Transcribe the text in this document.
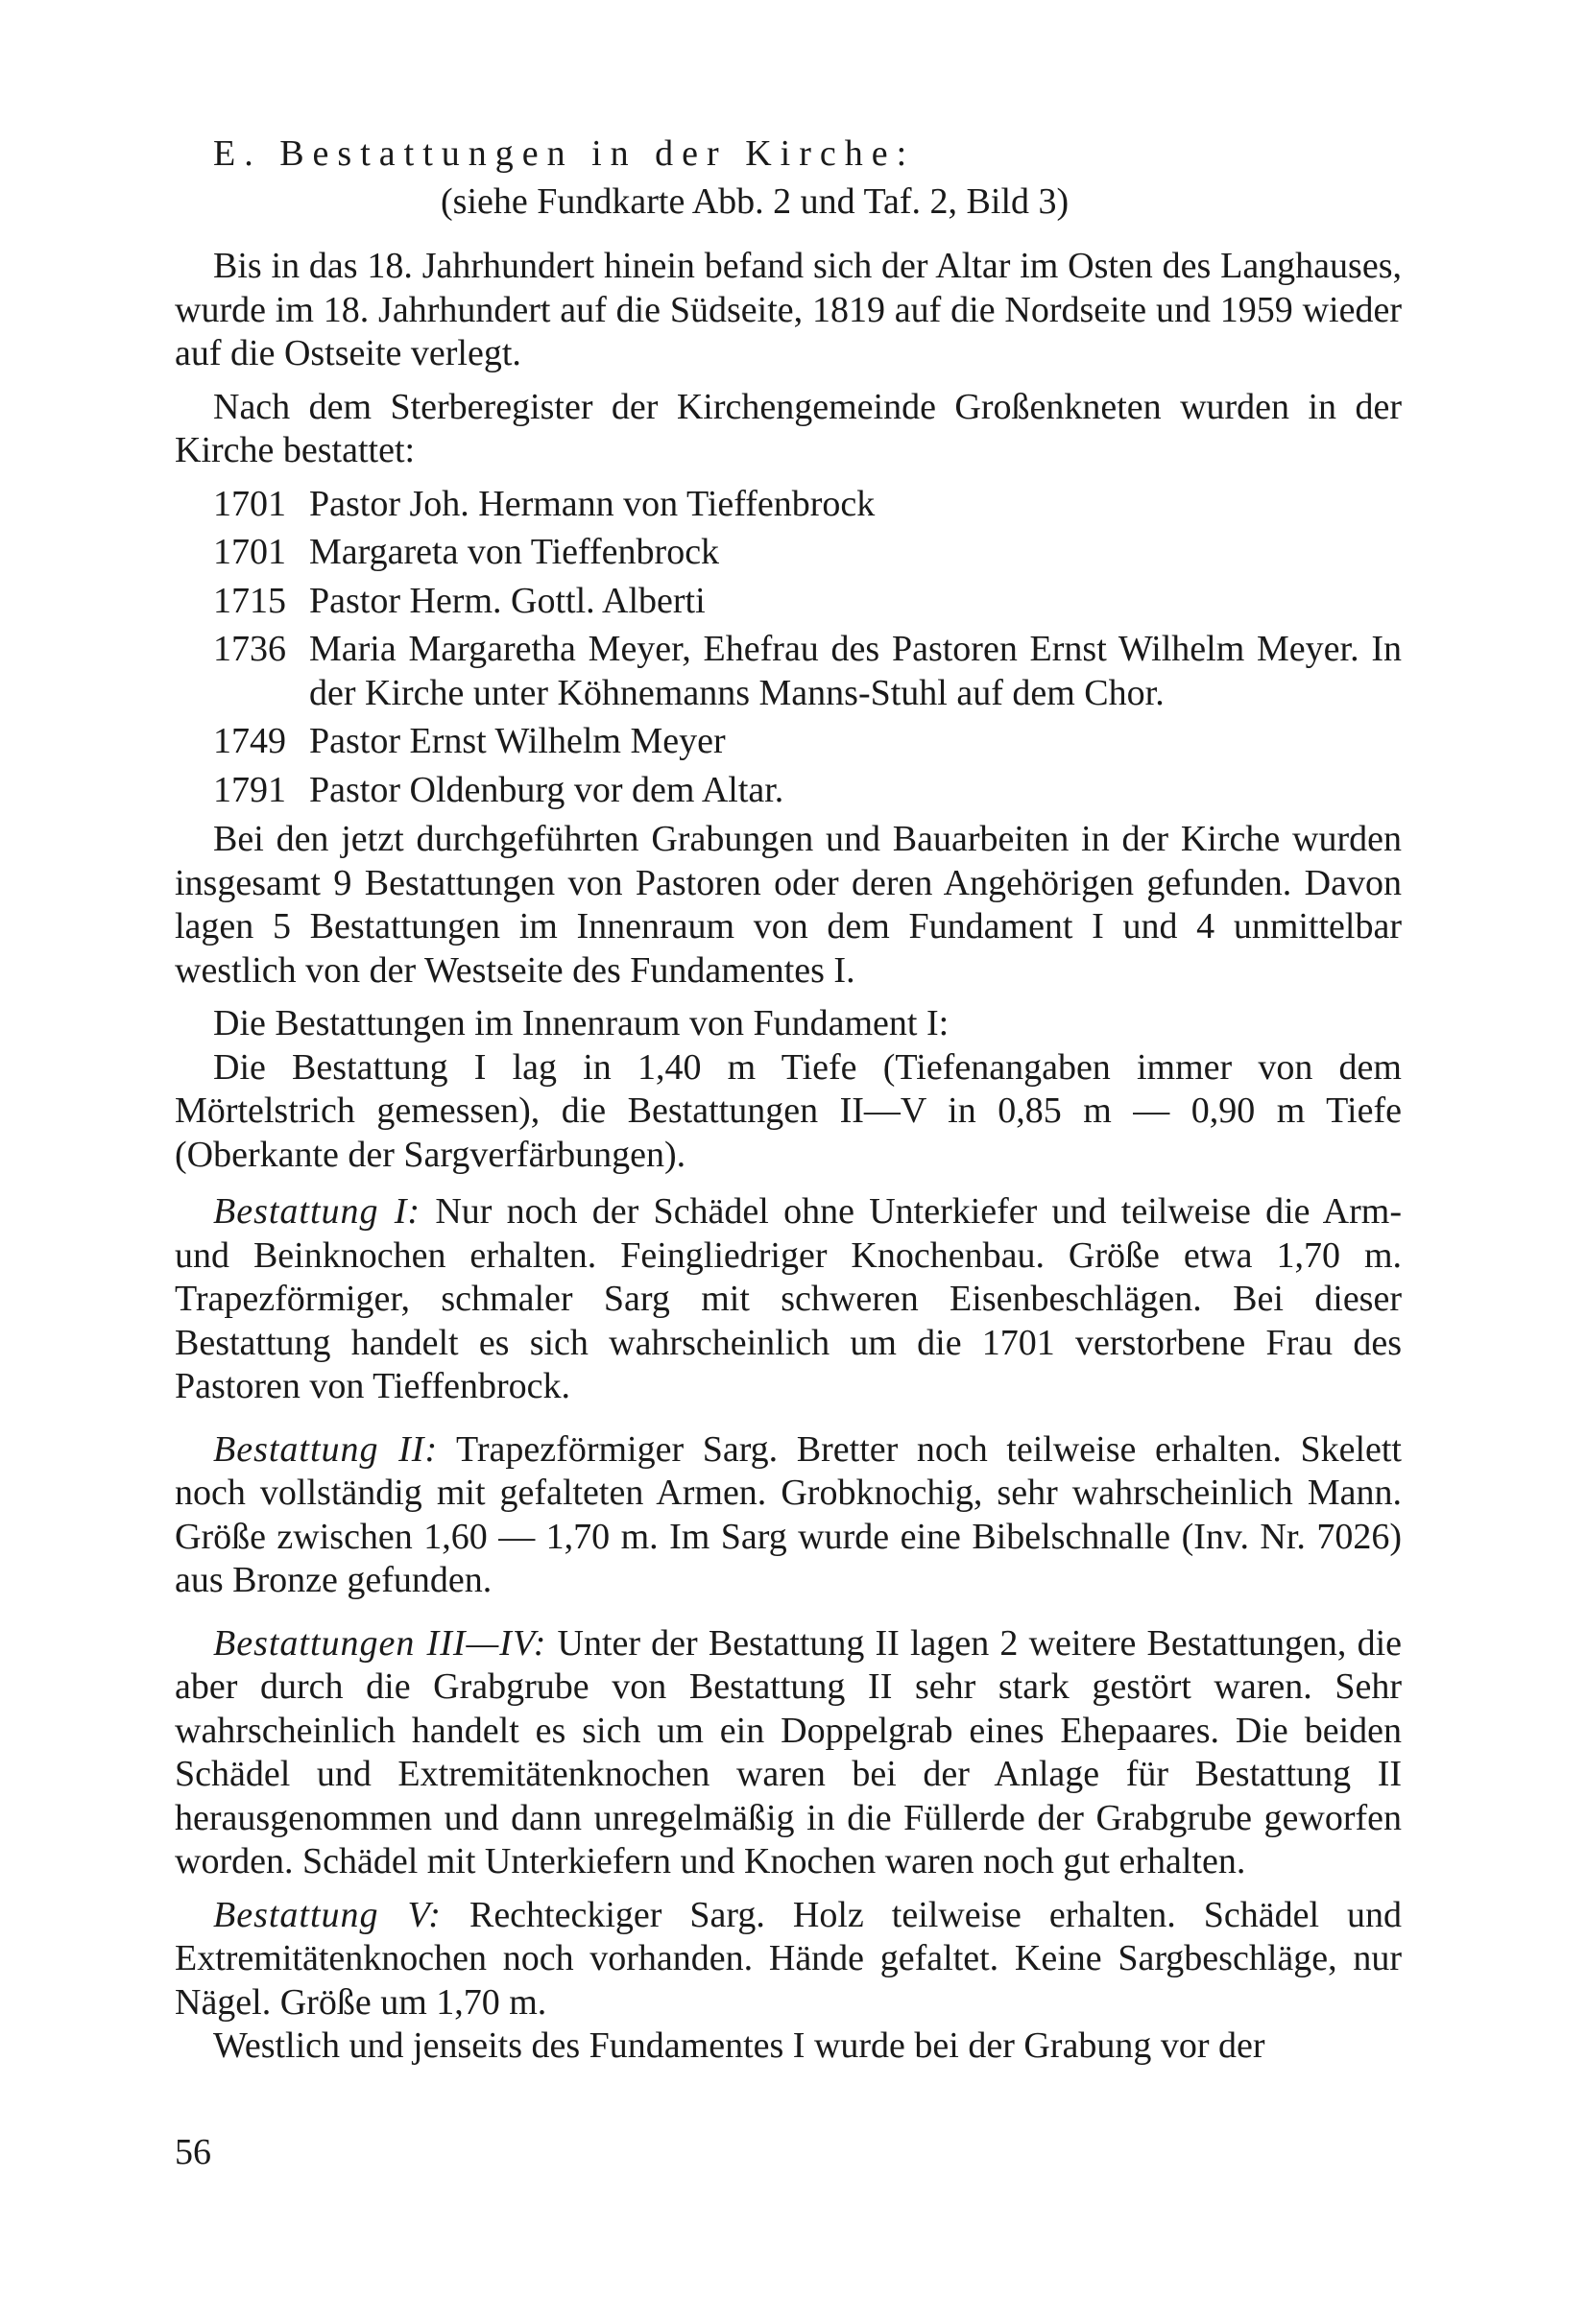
E. Bestattungen in der Kirche:

(siehe Fundkarte Abb. 2 und Taf. 2, Bild 3)

Bis in das 18. Jahrhundert hinein befand sich der Altar im Osten des Langhauses, wurde im 18. Jahrhundert auf die Südseite, 1819 auf die Nordseite und 1959 wieder auf die Ostseite verlegt.

Nach dem Sterberegister der Kirchengemeinde Großenkneten wurden in der Kirche bestattet:

1701 Pastor Joh. Hermann von Tieffenbrock
1701 Margareta von Tieffenbrock
1715 Pastor Herm. Gottl. Alberti
1736 Maria Margaretha Meyer, Ehefrau des Pastoren Ernst Wilhelm Meyer. In der Kirche unter Köhnemanns Manns-Stuhl auf dem Chor.
1749 Pastor Ernst Wilhelm Meyer
1791 Pastor Oldenburg vor dem Altar.

Bei den jetzt durchgeführten Grabungen und Bauarbeiten in der Kirche wurden insgesamt 9 Bestattungen von Pastoren oder deren Angehörigen gefunden. Davon lagen 5 Bestattungen im Innenraum von dem Fundament I und 4 unmittelbar westlich von der Westseite des Fundamentes I.

Die Bestattungen im Innenraum von Fundament I:

Die Bestattung I lag in 1,40 m Tiefe (Tiefenangaben immer von dem Mörtelstrich gemessen), die Bestattungen II—V in 0,85 m — 0,90 m Tiefe (Oberkante der Sargverfärbungen).

Bestattung I: Nur noch der Schädel ohne Unterkiefer und teilweise die Arm- und Beinknochen erhalten. Feingliedriger Knochenbau. Größe etwa 1,70 m. Trapezförmiger, schmaler Sarg mit schweren Eisenbeschlägen. Bei dieser Bestattung handelt es sich wahrscheinlich um die 1701 verstorbene Frau des Pastoren von Tieffenbrock.

Bestattung II: Trapezförmiger Sarg. Bretter noch teilweise erhalten. Skelett noch vollständig mit gefalteten Armen. Grobknochig, sehr wahrscheinlich Mann. Größe zwischen 1,60 — 1,70 m. Im Sarg wurde eine Bibelschnalle (Inv. Nr. 7026) aus Bronze gefunden.

Bestattungen III—IV: Unter der Bestattung II lagen 2 weitere Bestattungen, die aber durch die Grabgrube von Bestattung II sehr stark gestört waren. Sehr wahrscheinlich handelt es sich um ein Doppelgrab eines Ehepaares. Die beiden Schädel und Extremitätenknochen waren bei der Anlage für Bestattung II herausgenommen und dann unregelmäßig in die Füllerde der Grabgrube geworfen worden. Schädel mit Unterkiefern und Knochen waren noch gut erhalten.

Bestattung V: Rechteckiger Sarg. Holz teilweise erhalten. Schädel und Extremitätenknochen noch vorhanden. Hände gefaltet. Keine Sargbeschläge, nur Nägel. Größe um 1,70 m.

Westlich und jenseits des Fundamentes I wurde bei der Grabung vor der

56
